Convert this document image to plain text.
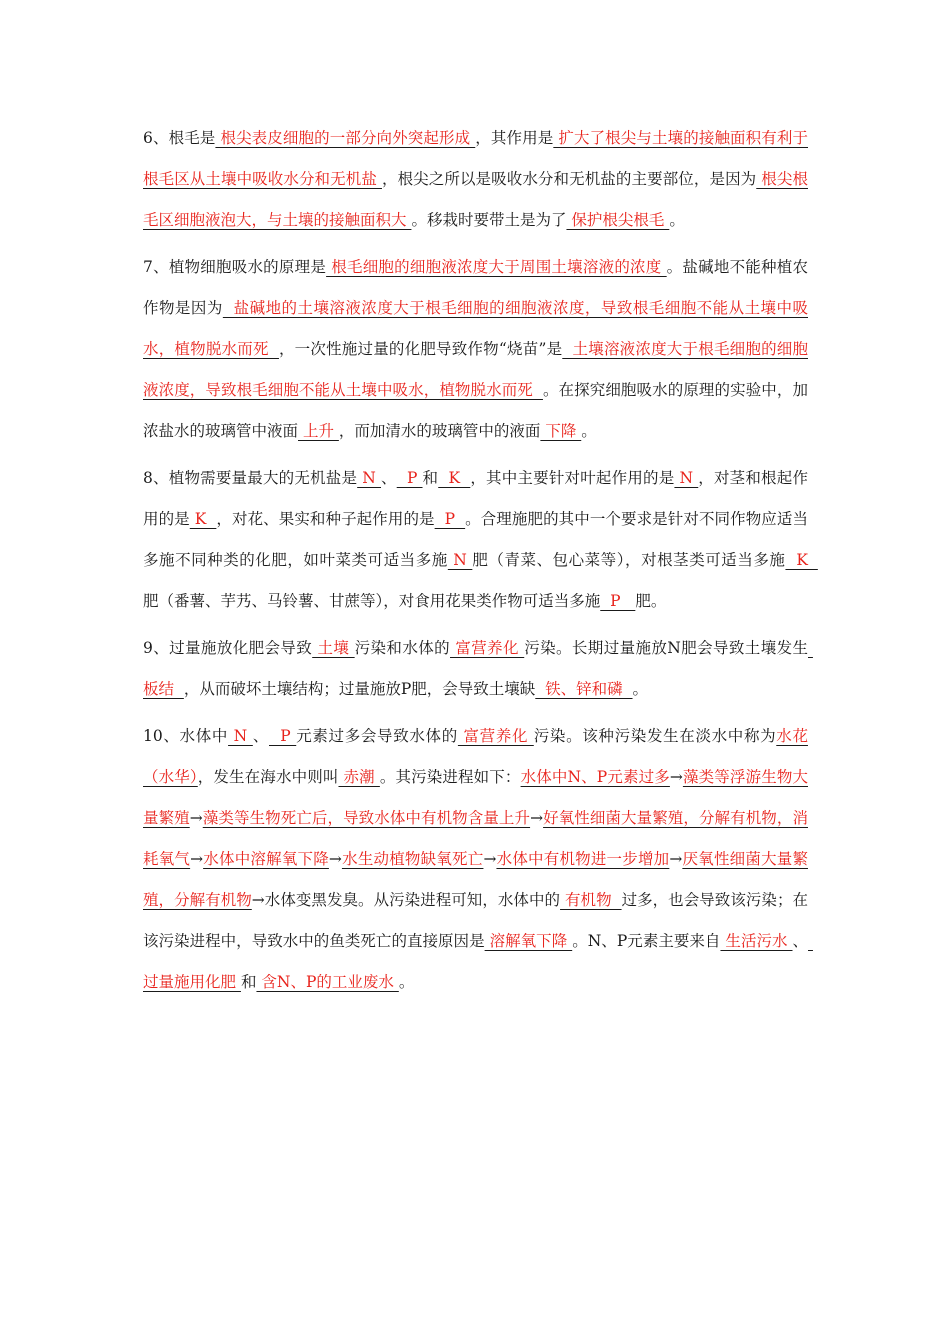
6、根毛是 根尖表皮细胞的一部分向外突起形成 ，其作用是 扩大了根尖与土壤的接触面积有利于根毛区从土壤中吸收水分和无机盐 ，根尖之所以是吸收水分和无机盐的主要部位，是因为 根尖根毛区细胞液泡大，与土壤的接触面积大 。移栽时要带土是为了 保护根尖根毛 。

7、植物细胞吸水的原理是 根毛细胞的细胞液浓度大于周围土壤溶液的浓度 。盐碱地不能种植农作物是因为  盐碱地的土壤溶液浓度大于根毛细胞的细胞液浓度，导致根毛细胞不能从土壤中吸水，植物脱水而死  ，一次性施过量的化肥导致作物“烧苗”是  土壤溶液浓度大于根毛细胞的细胞液浓度，导致根毛细胞不能从土壤中吸水，植物脱水而死  。在探究细胞吸水的原理的实验中，加浓盐水的玻璃管中液面 上升 ，而加清水的玻璃管中的液面 下降 。

8、植物需要量最大的无机盐是 N 、  P 和  K  ，其中主要针对叶起作用的是 N ，对茎和根起作用的是 K  ，对花、果实和种子起作用的是  P  。合理施肥的其中一个要求是针对不同作物应适当多施不同种类的化肥，如叶菜类可适当多施 N 肥（青菜、包心菜等），对根茎类可适当多施  K  肥（番薯、芋艿、马铃薯、甘蔗等），对食用花果类作物可适当多施  P   肥。

9、过量施放化肥会导致 土壤 污染和水体的 富营养化 污染。长期过量施放N肥会导致土壤发生 板结  ，从而破坏土壤结构；过量施放P肥，会导致土壤缺  铁、锌和磷  。

10、水体中 N 、  P 元素过多会导致水体的 富营养化 污染。该种污染发生在淡水中称为水花（水华），发生在海水中则叫 赤潮 。其污染进程如下：水体中N、P元素过多→藻类等浮游生物大量繁殖→藻类等生物死亡后，导致水体中有机物含量上升→好氧性细菌大量繁殖，分解有机物，消耗氧气→水体中溶解氧下降→水生动植物缺氧死亡→水体中有机物进一步增加→厌氧性细菌大量繁殖，分解有机物→水体变黑发臭。从污染进程可知，水体中的 有机物  过多，也会导致该污染；在该污染进程中，导致水中的鱼类死亡的直接原因是 溶解氧下降 。N、P元素主要来自 生活污水 、 过量施用化肥 和 含N、P的工业废水 。
